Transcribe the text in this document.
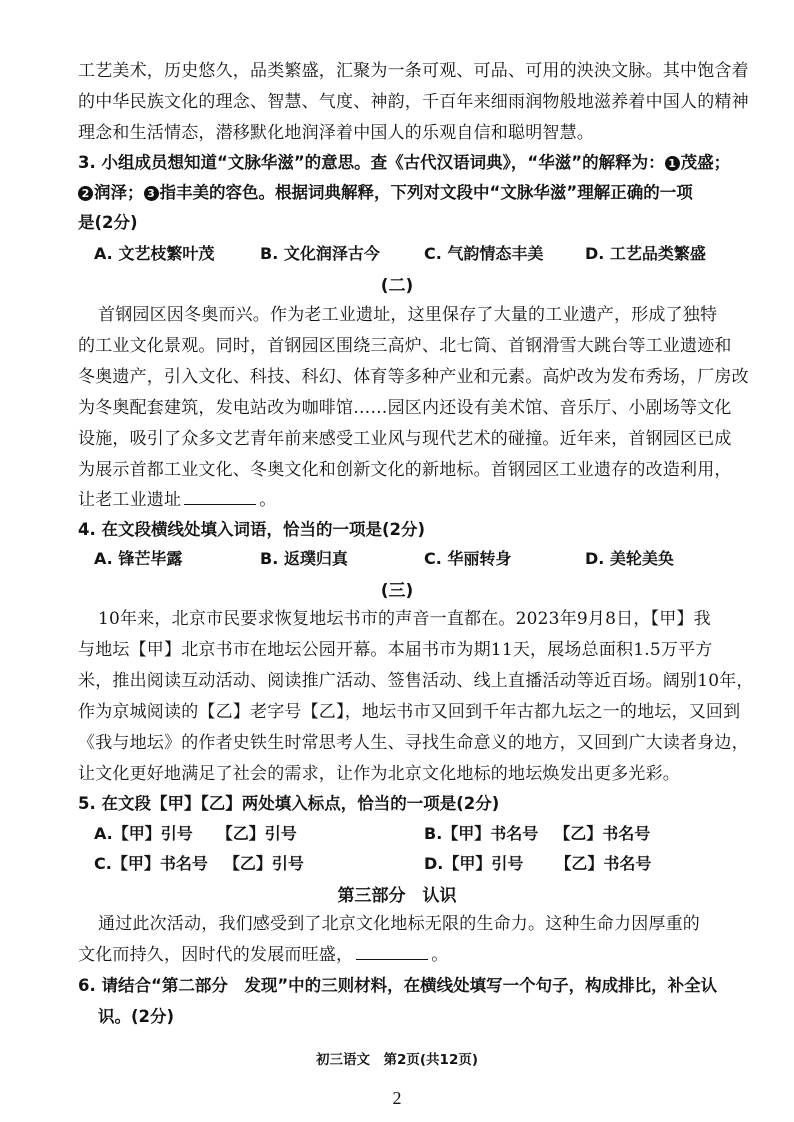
工艺美术，历史悠久，品类繁盛，汇聚为一条可观、可品、可用的泱泱文脉。其中饱含着
的中华民族文化的理念、智慧、气度、神韵，千百年来细雨润物般地滋养着中国人的精神
理念和生活情态，潜移默化地润泽着中国人的乐观自信和聪明智慧。
3. 小组成员想知道“文脉华滋”的意思。查《古代汉语词典》，“华滋”的解释为： 1 茂盛；
2 润泽； 3 指丰美的容色。根据词典解释，下列对文段中“文脉华滋”理解正确的一项
是(2分)
A. 文艺枝繁叶茂	B. 文化润泽古今	C. 气韵情态丰美	D. 工艺品类繁盛
(二)
首钢园区因冬奥而兴。作为老工业遗址，这里保存了大量的工业遗产，形成了独特
的工业文化景观。同时，首钢园区围绕三高炉、北七筒、首钢滑雪大跳台等工业遗迹和
冬奥遗产，引入文化、科技、科幻、体育等多种产业和元素。高炉改为发布秀场，厂房改
为冬奥配套建筑，发电站改为咖啡馆……园区内还设有美术馆、音乐厅、小剧场等文化
设施，吸引了众多文艺青年前来感受工业风与现代艺术的碰撞。近年来，首钢园区已成
为展示首都工业文化、冬奥文化和创新文化的新地标。首钢园区工业遗存的改造利用，
让老工业遗址	。
4. 在文段横线处填入词语，恰当的一项是(2分)
A. 锋芒毕露	B. 返璞归真	C. 华丽转身	D. 美轮美奂
(三)
10年来，北京市民要求恢复地坛书市的声音一直都在。2023年9月8日，【甲】我
与地坛【甲】北京书市在地坛公园开幕。本届书市为期11天，展场总面积1.5万平方
米，推出阅读互动活动、阅读推广活动、签售活动、线上直播活动等近百场。阔别10年，
作为京城阅读的【乙】老字号【乙】，地坛书市又回到千年古都九坛之一的地坛，又回到
《我与地坛》的作者史铁生时常思考人生、寻找生命意义的地方，又回到广大读者身边，
让文化更好地满足了社会的需求，让作为北京文化地标的地坛焕发出更多光彩。
5. 在文段【甲】【乙】两处填入标点，恰当的一项是(2分)
A.【甲】引号 【乙】引号	B.【甲】书名号 【乙】书名号
C.【甲】书名号 【乙】引号	D.【甲】引号 【乙】书名号
第三部分　认识
通过此次活动，我们感受到了北京文化地标无限的生命力。这种生命力因厚重的
文化而持久，因时代的发展而旺盛，	。
6. 请结合“第二部分　发现”中的三则材料，在横线处填写一个句子，构成排比，补全认
识。(2分)
初三语文　第2页(共12页)
2
